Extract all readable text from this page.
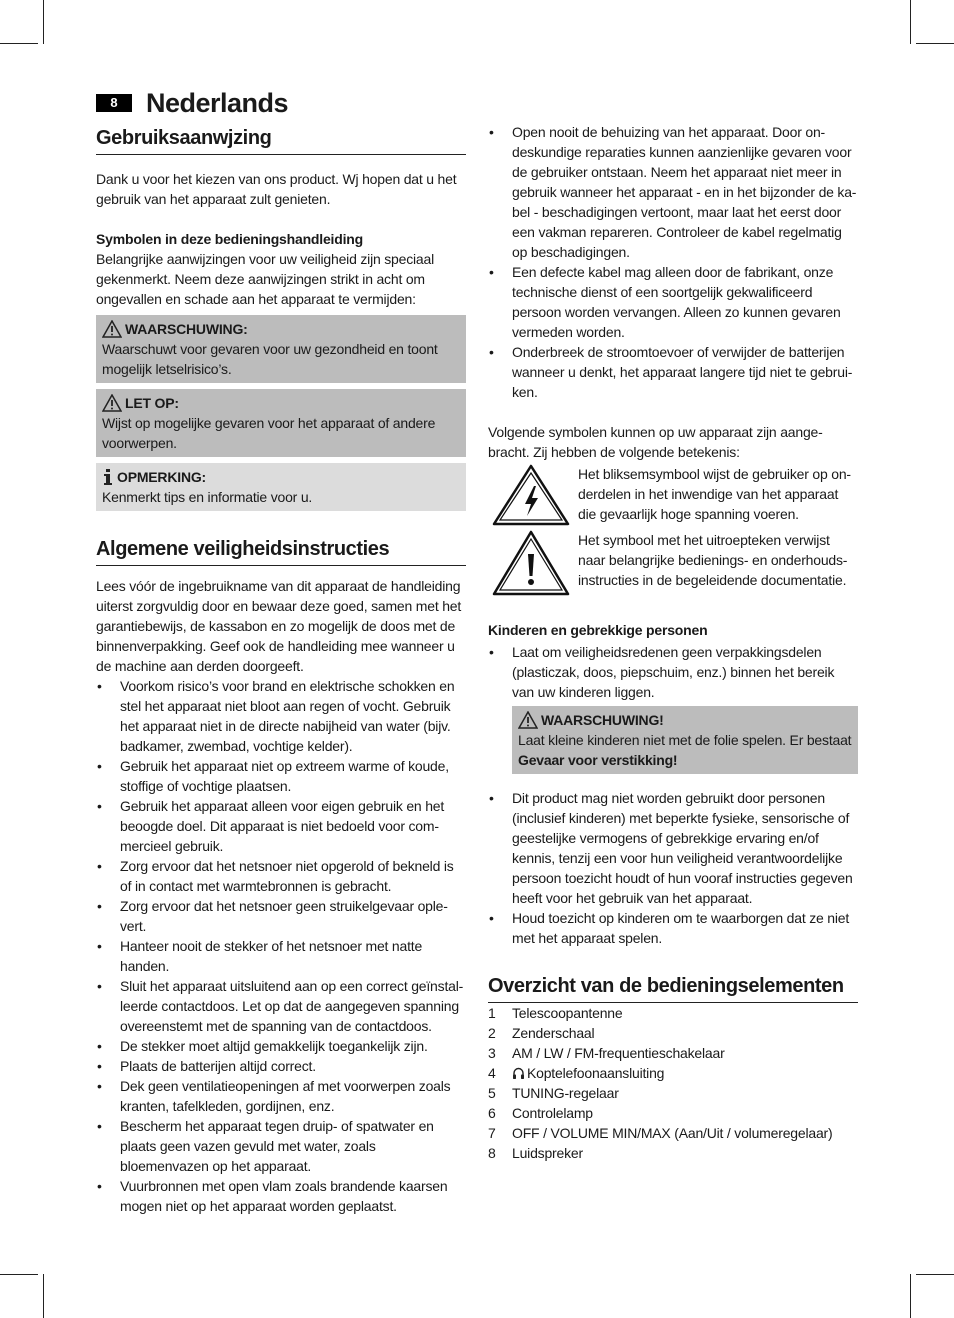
8	Nederlands
Gebruiksaanwjzing

Dank u voor het kiezen van ons product. Wj hopen dat u het gebruik van het apparaat zult genieten.

Symbolen in deze bedieningshandleiding

Belangrijke aanwijzingen voor uw veiligheid zijn speciaal gekenmerkt. Neem deze aanwijzingen strikt in acht om ongevallen en schade aan het apparaat te vermijden:

WAARSCHUWING:

Waarschuwt voor gevaren voor uw gezondheid en toont mogelijk letselrisico’s.

LET OP:

Wijst op mogelijke gevaren voor het apparaat of andere voorwerpen.

OPMERKING:

Kenmerkt tips en informatie voor u.

Algemene veiligheidsinstructies

Lees vóór de ingebruikname van dit apparaat de handleiding uiterst zorgvuldig door en bewaar deze goed, samen met het garantiebewijs, de kassabon en zo mogelijk de doos met de binnenverpakking. Geef ook de handleiding mee wanneer u de machine aan derden doorgeeft.

• Voorkom risico’s voor brand en elektrische schokken en stel het apparaat niet bloot aan regen of vocht. Gebruik het apparaat niet in de directe nabijheid van water (bijv. badkamer, zwembad, vochtige kelder).
• Gebruik het apparaat niet op extreem warme of koude, stoffige of vochtige plaatsen.
• Gebruik het apparaat alleen voor eigen gebruik en het beoogde doel. Dit apparaat is niet bedoeld voor com- mercieel gebruik.
• Zorg ervoor dat het netsnoer niet opgerold of bekneld is of in contact met warmtebronnen is gebracht.
• Zorg ervoor dat het netsnoer geen struikelgevaar ople- vert.
• Hanteer nooit de stekker of het netsnoer met natte handen.
• Sluit het apparaat uitsluitend aan op een correct geïnstal- leerde contactdoos. Let op dat de aangegeven spanning overeenstemt met de spanning van de contactdoos.
• De stekker moet altijd gemakkelijk toegankelijk zijn.
• Plaats de batterijen altijd correct.
• Dek geen ventilatieopeningen af met voorwerpen zoals kranten, tafelkleden, gordijnen, enz.
• Bescherm het apparaat tegen druip- of spatwater en plaats geen vazen gevuld met water, zoals bloemenvazen op het apparaat.
• Vuurbronnen met open vlam zoals brandende kaarsen mogen niet op het apparaat worden geplaatst.
• Open nooit de behuizing van het apparaat. Door on- deskundige reparaties kunnen aanzienlijke gevaren voor de gebruiker ontstaan. Neem het apparaat niet meer in gebruik wanneer het apparaat - en in het bijzonder de ka- bel - beschadigingen vertoont, maar laat het eerst door een vakman repareren. Controleer de kabel regelmatig op beschadigingen.
• Een defecte kabel mag alleen door de fabrikant, onze technische dienst of een soortgelijk gekwalificeerd persoon worden vervangen. Alleen zo kunnen gevaren vermeden worden.
• Onderbreek de stroomtoevoer of verwijder de batterijen wanneer u denkt, het apparaat langere tijd niet te gebrui- ken.

Volgende symbolen kunnen op uw apparaat zijn aange- bracht. Zij hebben de volgende betekenis:

Het bliksemsymbool wijst de gebruiker op on- derdelen in het inwendige van het apparaat die gevaarlijk hoge spanning voeren.

Het symbool met het uitroepteken verwijst naar belangrijke bedienings- en onderhouds- instructies in de begeleidende documentatie.

Kinderen en gebrekkige personen
• Laat om veiligheidsredenen geen verpakkingsdelen (plasticzak, doos, piepschuim, enz.) binnen het bereik van uw kinderen liggen.
WAARSCHUWING!

Laat kleine kinderen niet met de folie spelen. Er bestaat

Gevaar voor verstikking!

• Dit product mag niet worden gebruikt door personen (inclusief kinderen) met beperkte fysieke, sensorische of geestelijke vermogens of gebrekkige ervaring en/of kennis, tenzij een voor hun veiligheid verantwoordelijke persoon toezicht houdt of hun vooraf instructies gegeven heeft voor het gebruik van het apparaat.
• Houd toezicht op kinderen om te waarborgen dat ze niet met het apparaat spelen.
Overzicht van de bedieningselementen
1	Telescoopantenne
2	Zenderschaal
3	AM / LW / FM-frequentieschakelaar
4	Koptelefoonaansluiting
5	TUNING-regelaar
6	Controlelamp
7	OFF / VOLUME MIN/MAX (Aan/Uit / volumeregelaar)
8	Luidspreker
